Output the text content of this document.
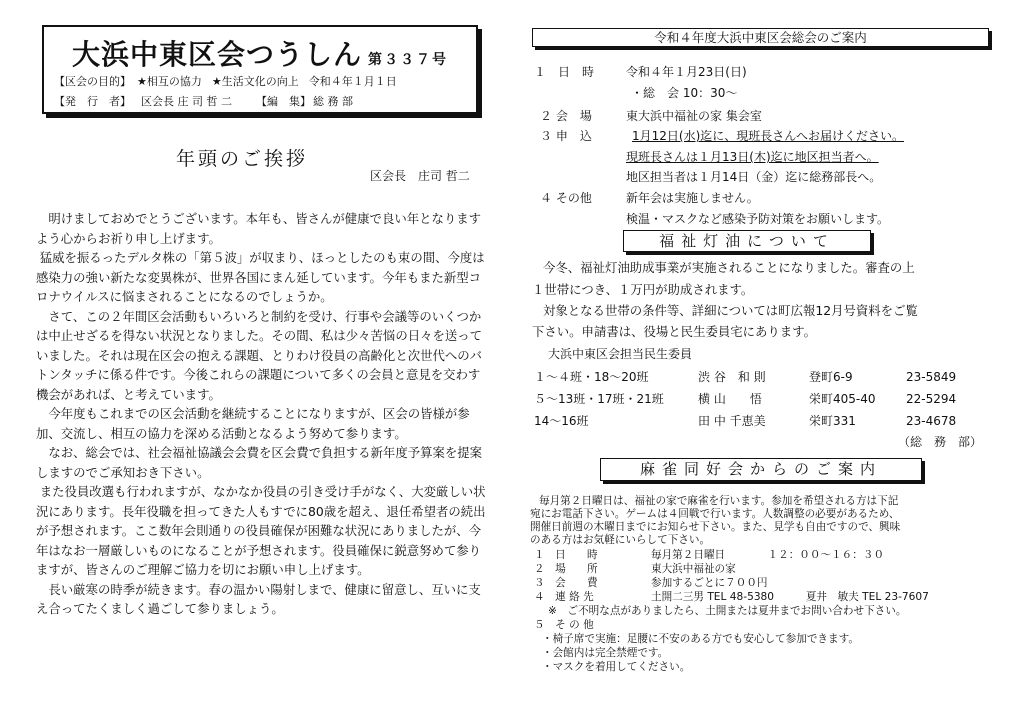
大浜中東区会つうしん 第３３７号
【区会の目的】 ★相互の協力 ★生活文化の向上 令和４年１月１日
【発　行　者】 区会長 庄 司 哲 二 【編　集】 総 務 部
年頭のご挨拶
区会長　庄司 哲二

明けましておめでとうございます。本年も、皆さんが健康で良い年となりますよう心からお祈り申し上げます。

猛威を振るったデルタ株の「第５波」が収まり、ほっとしたのも束の間、今度は感染力の強い新たな変異株が、世界各国にまん延しています。今年もまた新型コロナウイルスに悩まされることになるのでしょうか。

さて、この２年間区会活動もいろいろと制約を受け、行事や会議等のいくつかは中止せざるを得ない状況となりました。その間、私は少々苦悩の日々を送っていました。それは現在区会の抱える課題、とりわけ役員の高齢化と次世代へのバトンタッチに係る件です。今後これらの課題について多くの会員と意見を交わす機会があれば、と考えています。

今年度もこれまでの区会活動を継続することになりますが、区会の皆様が参加、交流し、相互の協力を深める活動となるよう努めて参ります。

なお、総会では、社会福祉協議会会費を区会費で負担する新年度予算案を提案しますのでご承知おき下さい。

また役員改選も行われますが、なかなか役員の引き受け手がなく、大変厳しい状況にあります。長年役職を担ってきた人もすでに80歳を超え、退任希望者の続出が予想されます。ここ数年会則通りの役員確保が困難な状況にありましたが、今年はなお一層厳しいものになることが予想されます。役員確保に鋭意努めて参りますが、皆さんのご理解ご協力を切にお願い申し上げます。

長い厳寒の時季が続きます。春の温かい陽射しまで、健康に留意し、互いに支え合ってたくましく過ごして参りましょう。

令和４年度大浜中東区会総会のご案内
１　日　時	令和４年１月23日(日)
・総　会 10：30～
２ 会　場	東大浜中福祉の家 集会室
３ 申　込	1月12日(水)迄に、現班長さんへお届けください。
現班長さんは１月13日(木)迄に地区担当者へ。
地区担当者は１月14日（金）迄に総務部長へ。
４ その他	新年会は実施しません。
検温・マスクなど感染予防対策をお願いします。
福祉灯油について
今冬、福祉灯油助成事業が実施されることになりました。審査の上
１世帯につき、１万円が助成されます。
対象となる世帯の条件等、詳細については町広報12月号資料をご覧
下さい。申請書は、役場と民生委員宅にあります。
大浜中東区会担当民生委員
１～４班・18～20班	渋 谷　和 則	登町6-9	23-5849
５～13班・17班・21班	横 山　　悟	栄町405-40	22-5294
14～16班	田 中 千恵美	栄町331	23-4678
（総　務　部）
麻雀同好会からのご案内
毎月第２日曜日は、福祉の家で麻雀を行います。参加を希望される方は下記
宛にお電話下さい。ゲームは４回戦で行います。人数調整の必要があるため、
開催日前週の木曜日までにお知らせ下さい。また、見学も自由ですので、興味
のある方はお気軽にいらして下さい。
１　日　　時	毎月第２日曜日　　　　１２：００～１６：３０
２　場　　所	東大浜中福祉の家
３　会　　費	参加するごとに７００円
４　連 絡 先	土開二三男 TEL 48-5380　　　夏井　敏夫 TEL 23-7607
※　ご不明な点がありましたら、土開または夏井までお問い合わせ下さい。
５　そ の 他
・椅子席で実施：足腰に不安のある方でも安心して参加できます。
・会館内は完全禁煙です。
・マスクを着用してください。
